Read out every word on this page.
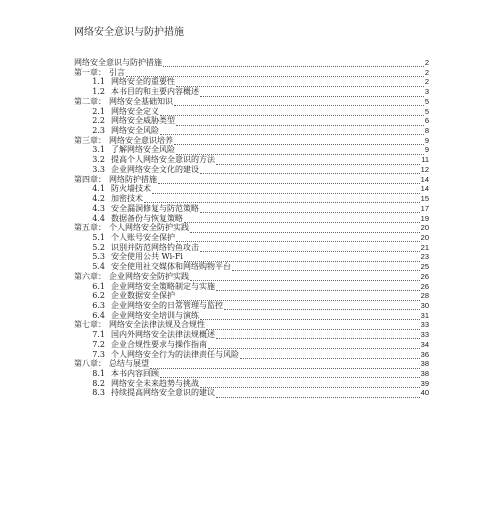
网络安全意识与防护措施
网络安全意识与防护措施	2
第一章： 引言	2
1.1 网络安全的重要性	2
1.2 本书目的和主要内容概述	3
第二章： 网络安全基础知识	5
2.1 网络安全定义	5
2.2 网络安全威胁类型	6
2.3 网络安全风险	8
第三章： 网络安全意识培养	9
3.1 了解网络安全风险	9
3.2 提高个人网络安全意识的方法	11
3.3 企业网络安全文化的建设	12
第四章： 网络防护措施	14
4.1 防火墙技术	14
4.2 加密技术	15
4.3 安全漏洞修复与防范策略	17
4.4 数据备份与恢复策略	19
第五章： 个人网络安全防护实践	20
5.1 个人账号安全保护	20
5.2 识别并防范网络钓鱼攻击	21
5.3 安全使用公共 Wi-Fi	23
5.4 安全使用社交媒体和网络购物平台	25
第六章： 企业网络安全防护实践	26
6.1 企业网络安全策略制定与实施	26
6.2 企业数据安全保护	28
6.3 企业网络安全的日常管理与监控	30
6.4 企业网络安全培训与演练	31
第七章： 网络安全法律法规及合规性	33
7.1 国内外网络安全法律法规概述	33
7.2 企业合规性要求与操作指南	34
7.3 个人网络安全行为的法律责任与风险	36
第八章： 总结与展望	38
8.1 本书内容回顾	38
8.2 网络安全未来趋势与挑战	39
8.3 持续提高网络安全意识的建议	40
